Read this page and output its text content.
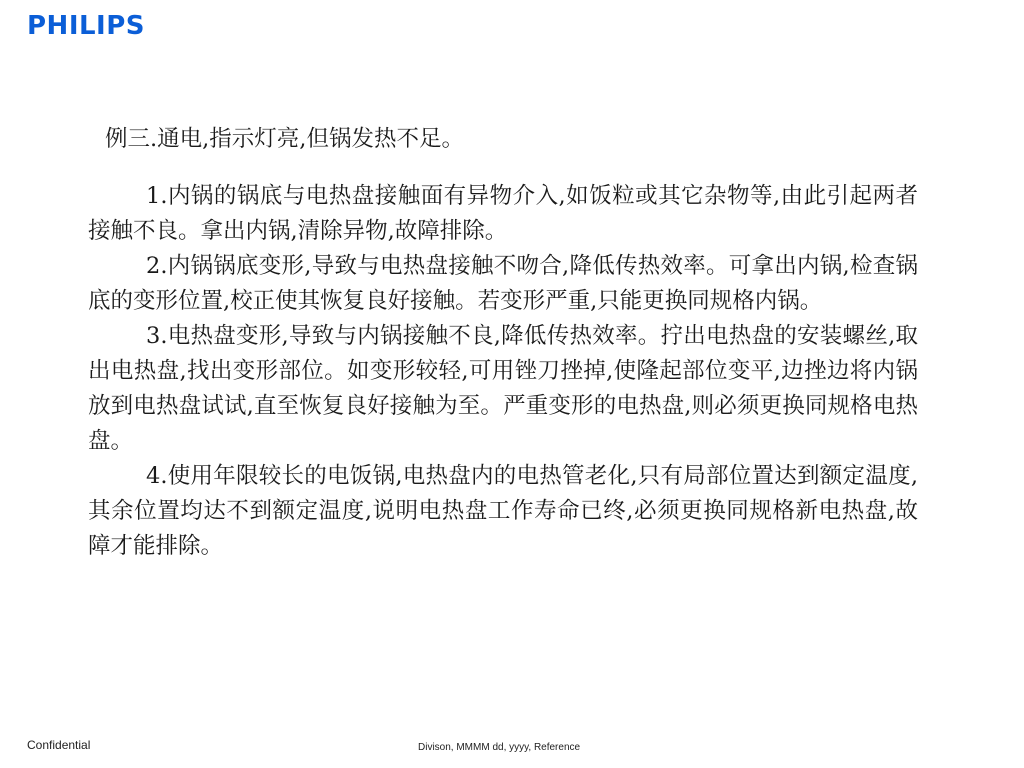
PHILIPS

例三.通电,指示灯亮,但锅发热不足。

1.内锅的锅底与电热盘接触面有异物介入,如饭粒或其它杂物等,由此引起两者接触不良。拿出内锅,清除异物,故障排除。

2.内锅锅底变形,导致与电热盘接触不吻合,降低传热效率。可拿出内锅,检查锅底的变形位置,校正使其恢复良好接触。若变形严重,只能更换同规格内锅。

3.电热盘变形,导致与内锅接触不良,降低传热效率。拧出电热盘的安装螺丝,取出电热盘,找出变形部位。如变形较轻,可用锉刀挫掉,使隆起部位变平,边挫边将内锅放到电热盘试试,直至恢复良好接触为至。严重变形的电热盘,则必须更换同规格电热盘。

4.使用年限较长的电饭锅,电热盘内的电热管老化,只有局部位置达到额定温度,其余位置均达不到额定温度,说明电热盘工作寿命已终,必须更换同规格新电热盘,故障才能排除。

Confidential	Divison, MMMM dd, yyyy, Reference
